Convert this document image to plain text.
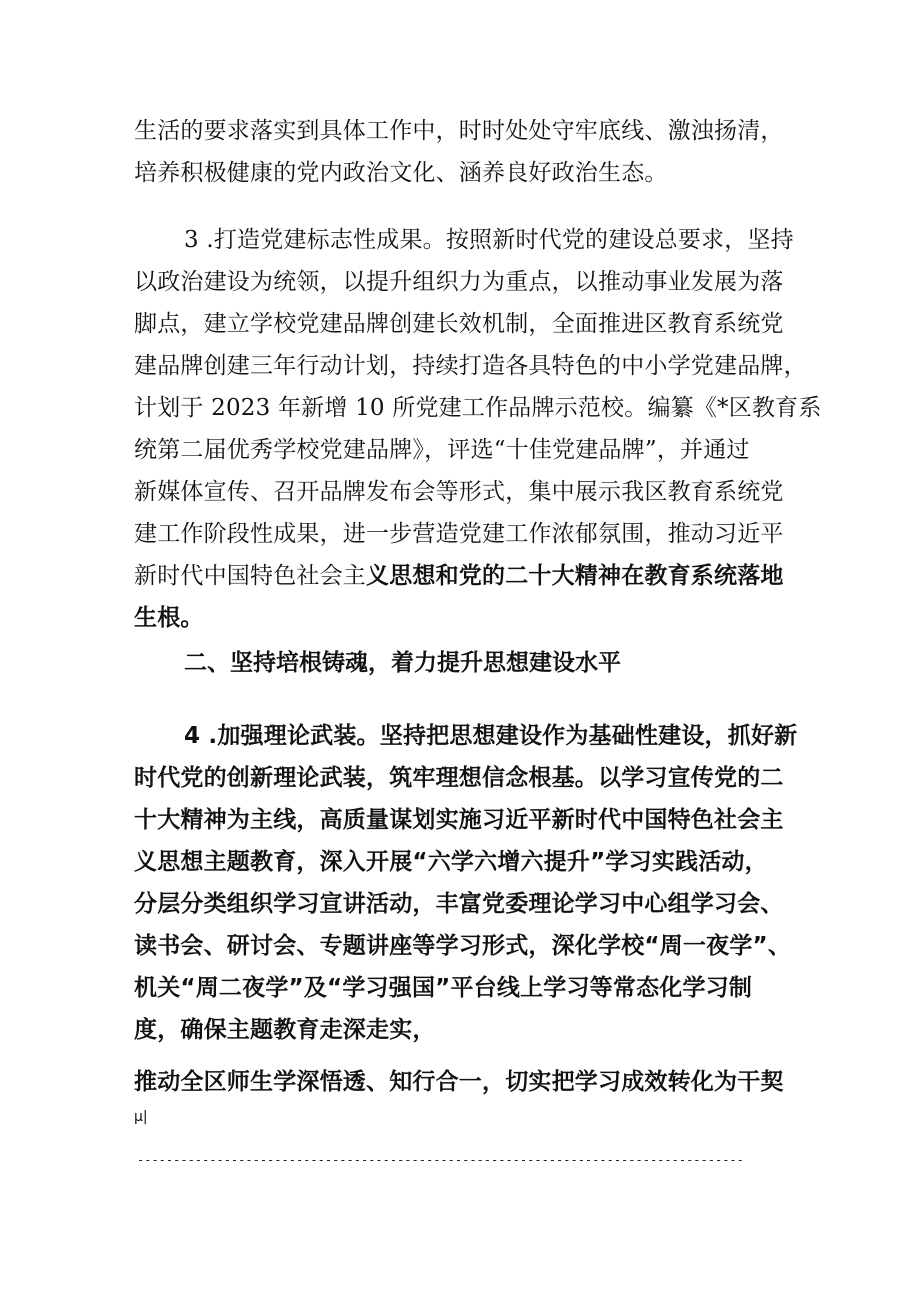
生活的要求落实到具体工作中，时时处处守牢底线、激浊扬清，
培养积极健康的党内政治文化、涵养良好政治生态。

3 .打造党建标志性成果。按照新时代党的建设总要求，坚持
以政治建设为统领，以提升组织力为重点，以推动事业发展为落
脚点，建立学校党建品牌创建长效机制，全面推进区教育系统党
建品牌创建三年行动计划，持续打造各具特色的中小学党建品牌，
计划于 2023 年新增 10 所党建工作品牌示范校。编纂《*区教育系
统第二届优秀学校党建品牌》，评选“十佳党建品牌”，并通过
新媒体宣传、召开品牌发布会等形式，集中展示我区教育系统党
建工作阶段性成果，进一步营造党建工作浓郁氛围，推动习近平
新时代中国特色社会主义思想和党的二十大精神在教育系统落地
生根。

二、坚持培根铸魂，着力提升思想建设水平

4 .加强理论武装。坚持把思想建设作为基础性建设，抓好新
时代党的创新理论武装，筑牢理想信念根基。以学习宣传党的二
十大精神为主线，高质量谋划实施习近平新时代中国特色社会主
义思想主题教育，深入开展“六学六增六提升”学习实践活动，
分层分类组织学习宣讲活动，丰富党委理论学习中心组学习会、
读书会、研讨会、专题讲座等学习形式，深化学校“周一夜学”、
机关“周二夜学”及“学习强国”平台线上学习等常态化学习制
度，确保主题教育走深走实，

推动全区师生学深悟透、知行合一，切实把学习成效转化为干契

μ|
------------------------------------------------------------------------------------
